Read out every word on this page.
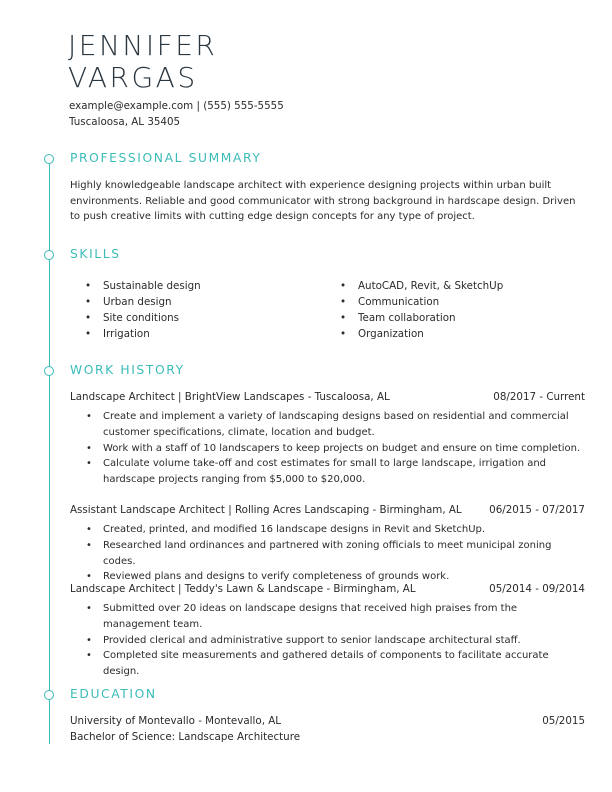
JENNIFER
VARGAS
example@example.com | (555) 555-5555
Tuscaloosa, AL 35405
PROFESSIONAL SUMMARY
Highly knowledgeable landscape architect with experience designing projects within urban built environments. Reliable and good communicator with strong background in hardscape design. Driven to push creative limits with cutting edge design concepts for any type of project.
SKILLS
• Sustainable design
• Urban design
• Site conditions
• Irrigation
• AutoCAD, Revit, & SketchUp
• Communication
• Team collaboration
• Organization
WORK HISTORY
Landscape Architect | BrightView Landscapes - Tuscaloosa, AL	08/2017 - Current
• Create and implement a variety of landscaping designs based on residential and commercial customer specifications, climate, location and budget.
• Work with a staff of 10 landscapers to keep projects on budget and ensure on time completion.
• Calculate volume take-off and cost estimates for small to large landscape, irrigation and hardscape projects ranging from $5,000 to $20,000.
Assistant Landscape Architect | Rolling Acres Landscaping - Birmingham, AL	06/2015 - 07/2017
• Created, printed, and modified 16 landscape designs in Revit and SketchUp.
• Researched land ordinances and partnered with zoning officials to meet municipal zoning codes.
• Reviewed plans and designs to verify completeness of grounds work.
Landscape Architect | Teddy's Lawn & Landscape - Birmingham, AL	05/2014 - 09/2014
• Submitted over 20 ideas on landscape designs that received high praises from the management team.
• Provided clerical and administrative support to senior landscape architectural staff.
• Completed site measurements and gathered details of components to facilitate accurate design.
EDUCATION
University of Montevallo - Montevallo, AL	05/2015
Bachelor of Science: Landscape Architecture
